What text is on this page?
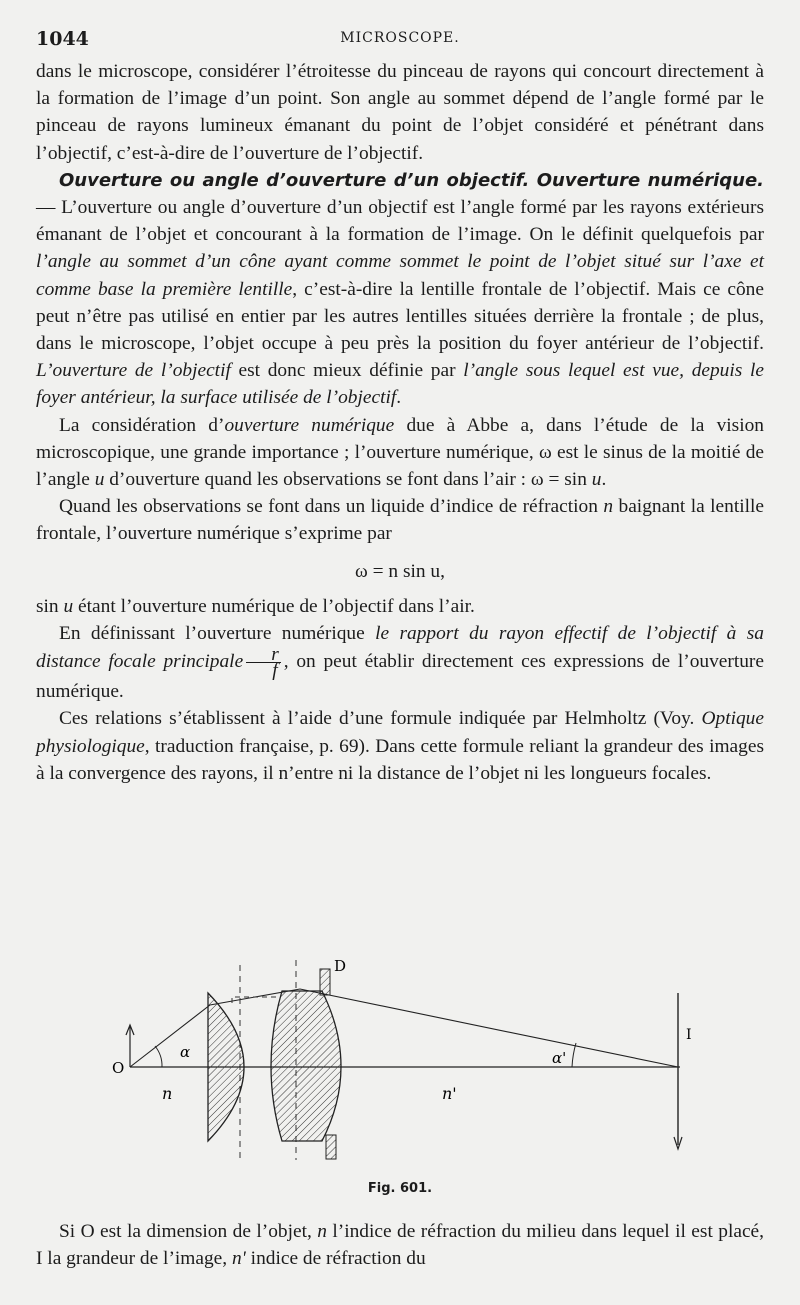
1044	MICROSCOPE.

dans le microscope, considérer l’étroitesse du pinceau de rayons qui concourt directement à la formation de l’image d’un point. Son angle au sommet dépend de l’angle formé par le pinceau de rayons lumineux émanant du point de l’objet considéré et pénétrant dans l’objectif, c’est-à-dire de l’ouverture de l’objectif.

Ouverture ou angle d’ouverture d’un objectif. Ouverture numérique. — L’ouverture ou angle d’ouverture d’un objectif est l’angle formé par les rayons extérieurs émanant de l’objet et concourant à la formation de l’image. On le définit quelquefois par l’angle au sommet d’un cône ayant comme sommet le point de l’objet situé sur l’axe et comme base la première lentille, c’est-à-dire la lentille frontale de l’objectif. Mais ce cône peut n’être pas utilisé en entier par les autres lentilles situées derrière la frontale ; de plus, dans le microscope, l’objet occupe à peu près la position du foyer antérieur de l’objectif. L’ouverture de l’objectif est donc mieux définie par l’angle sous lequel est vue, depuis le foyer antérieur, la surface utilisée de l’objectif.

La considération d’ouverture numérique due à Abbe a, dans l’étude de la vision microscopique, une grande importance ; l’ouverture numérique, ω est le sinus de la moitié de l’angle u d’ouverture quand les observations se font dans l’air : ω = sin u.

Quand les observations se font dans un liquide d’indice de réfraction n baignant la lentille frontale, l’ouverture numérique s’exprime par

ω = n sin u,

sin u étant l’ouverture numérique de l’objectif dans l’air.

En définissant l’ouverture numérique le rapport du rayon effectif de l’objectif à sa distance focale principale $\frac{r}{f}$ , on peut établir directement ces expressions de l’ouverture numérique.

Ces relations s’établissent à l’aide d’une formule indiquée par Helmholtz (Voy. Optique physiologique, traduction française, p. 69). Dans cette formule reliant la grandeur des images à la convergence des rayons, il n’entre ni la distance de l’objet ni les longueurs focales.

D
O
α	α'
n	n'
I
Fig. 601.

Si O est la dimension de l’objet, n l’indice de réfraction du milieu dans lequel il est placé, I la grandeur de l’image, n' indice de réfraction du
